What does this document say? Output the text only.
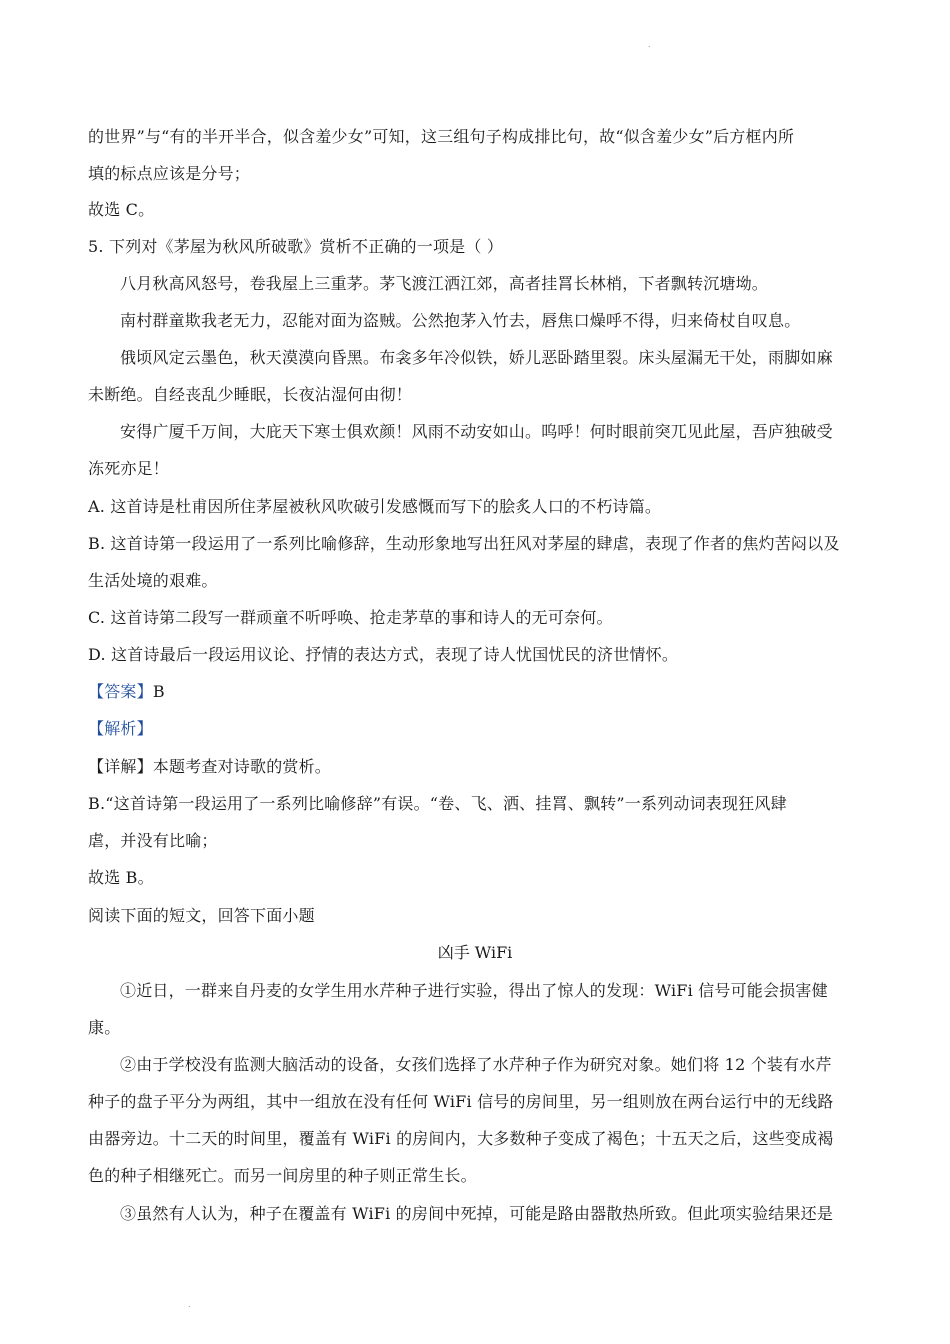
.
的世界”与“有的半开半合，似含羞少女”可知，这三组句子构成排比句，故“似含羞少女”后方框内所
填的标点应该是分号；
故选 C。
5. 下列对《茅屋为秋风所破歌》赏析不正确的一项是（ ）
八月秋高风怒号，卷我屋上三重茅。茅飞渡江洒江郊，高者挂罥长林梢，下者飘转沉塘坳。
南村群童欺我老无力，忍能对面为盗贼。公然抱茅入竹去，唇焦口燥呼不得，归来倚杖自叹息。
俄顷风定云墨色，秋天漠漠向昏黑。布衾多年冷似铁，娇儿恶卧踏里裂。床头屋漏无干处，雨脚如麻
未断绝。自经丧乱少睡眠，长夜沾湿何由彻！
安得广厦千万间，大庇天下寒士俱欢颜！风雨不动安如山。呜呼！何时眼前突兀见此屋，吾庐独破受
冻死亦足！
A. 这首诗是杜甫因所住茅屋被秋风吹破引发感慨而写下的脍炙人口的不朽诗篇。
B. 这首诗第一段运用了一系列比喻修辞，生动形象地写出狂风对茅屋的肆虐，表现了作者的焦灼苦闷以及
生活处境的艰难。
C. 这首诗第二段写一群顽童不听呼唤、抢走茅草的事和诗人的无可奈何。
D. 这首诗最后一段运用议论、抒情的表达方式，表现了诗人忧国忧民的济世情怀。
【答案】B
【解析】
【详解】本题考查对诗歌的赏析。
B.“这首诗第一段运用了一系列比喻修辞”有误。“卷、飞、洒、挂罥、飘转”一系列动词表现狂风肆
虐，并没有比喻；
故选 B。
阅读下面的短文，回答下面小题
凶手 WiFi
①近日，一群来自丹麦的女学生用水芹种子进行实验，得出了惊人的发现：WiFi 信号可能会损害健
康。
②由于学校没有监测大脑活动的设备，女孩们选择了水芹种子作为研究对象。她们将 12 个装有水芹
种子的盘子平分为两组，其中一组放在没有任何 WiFi 信号的房间里，另一组则放在两台运行中的无线路
由器旁边。十二天的时间里，覆盖有 WiFi 的房间内，大多数种子变成了褐色；十五天之后，这些变成褐
色的种子相继死亡。而另一间房里的种子则正常生长。
③虽然有人认为，种子在覆盖有 WiFi 的房间中死掉，可能是路由器散热所致。但此项实验结果还是
.
